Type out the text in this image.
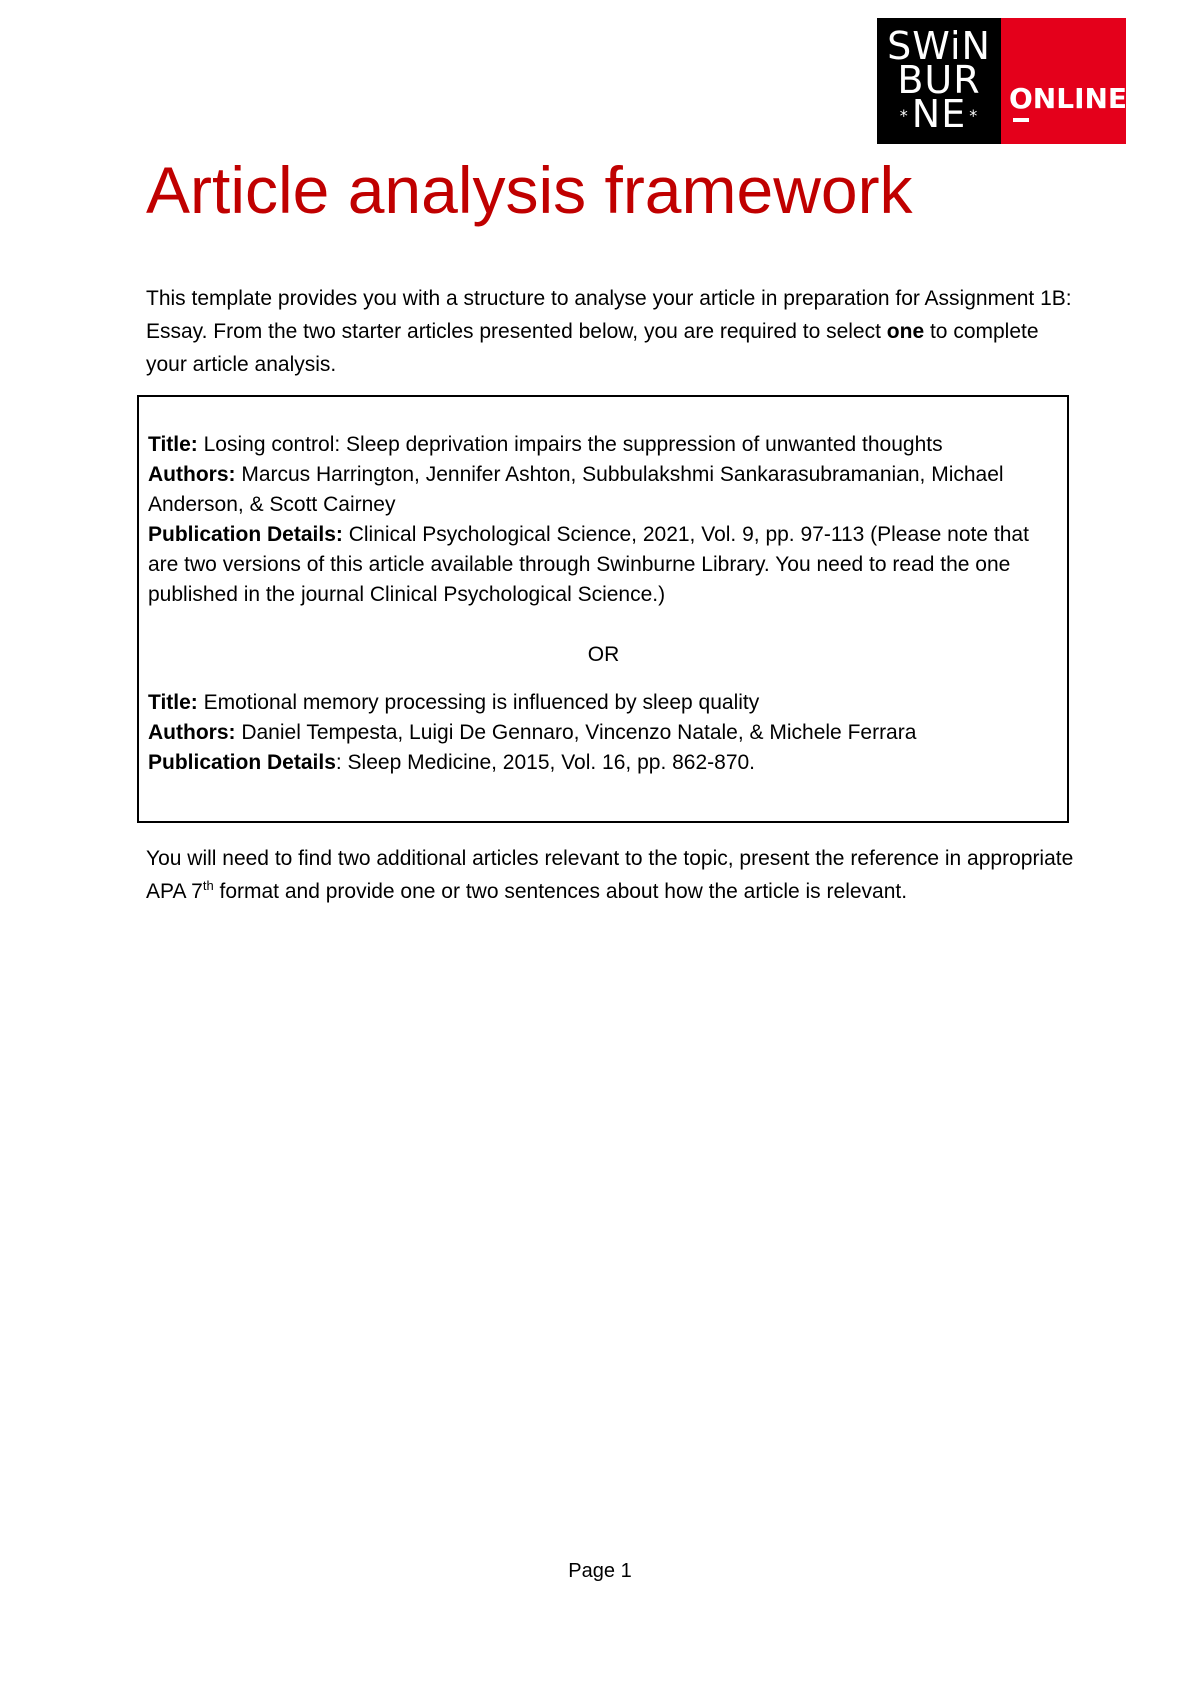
SWiN
BUR
*NE *
ONLINE
Article analysis framework

This template provides you with a structure to analyse your article in preparation for Assignment 1B: Essay. From the two starter articles presented below, you are required to select one to complete your article analysis.

Title: Losing control: Sleep deprivation impairs the suppression of unwanted thoughts

Authors: Marcus Harrington, Jennifer Ashton, Subbulakshmi Sankarasubramanian, Michael Anderson, & Scott Cairney

Publication Details: Clinical Psychological Science, 2021, Vol. 9, pp. 97-113 (Please note that are two versions of this article available through Swinburne Library. You need to read the one published in the journal Clinical Psychological Science.)

OR

Title: Emotional memory processing is influenced by sleep quality

Authors: Daniel Tempesta, Luigi De Gennaro, Vincenzo Natale, & Michele Ferrara

Publication Details: Sleep Medicine, 2015, Vol. 16, pp. 862-870.

You will need to find two additional articles relevant to the topic, present the reference in appropriate APA 7th format and provide one or two sentences about how the article is relevant.

Page 1
